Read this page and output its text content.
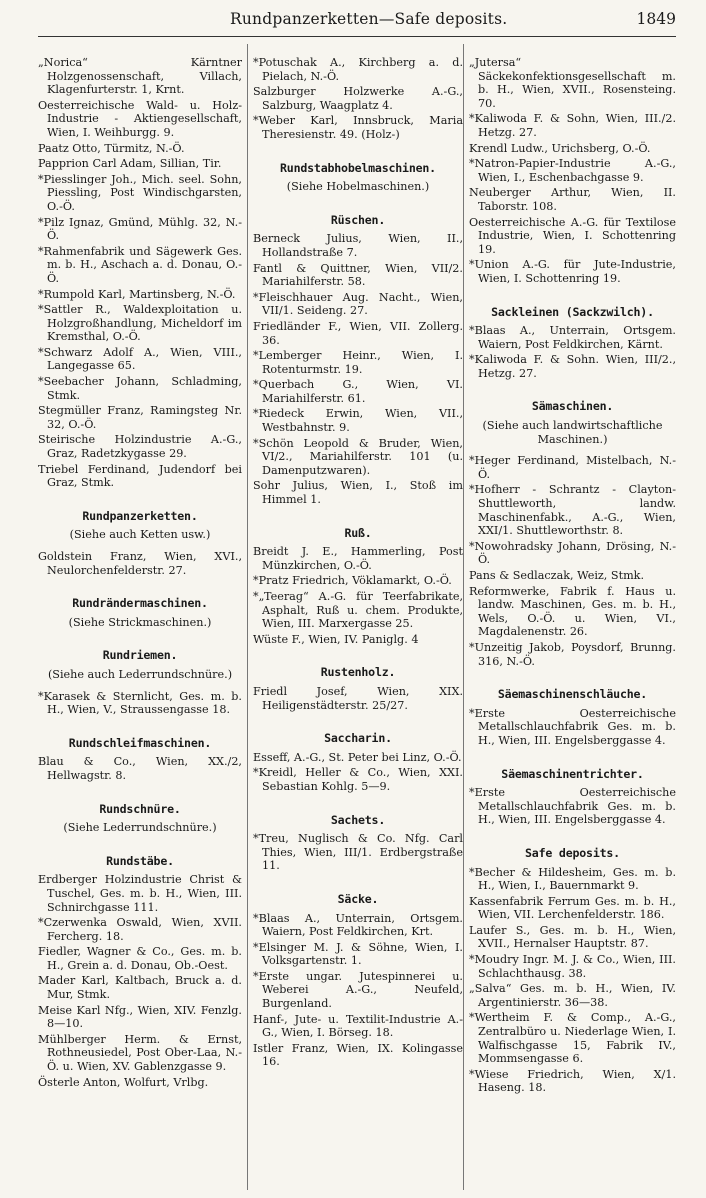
Rundpanzerketten—Safe deposits.	1849
„Norica“ Kärntner Holzgenossenschaft, Villach, Klagenfurterstr. 1, Krnt.
Oesterreichische Wald- u. Holz-Industrie - Aktiengesellschaft, Wien, I. Weihburgg. 9.
Paatz Otto, Türmitz, N.-Ö.
Papprion Carl Adam, Sillian, Tir.
*Piesslinger Joh., Mich. seel. Sohn, Piessling, Post Windischgarsten, O.-Ö.
*Pilz Ignaz, Gmünd, Mühlg. 32, N.-Ö.
*Rahmenfabrik und Sägewerk Ges. m. b. H., Aschach a. d. Donau, O.-Ö.
*Rumpold Karl, Martinsberg, N.-Ö.
*Sattler R., Waldexploitation u. Holzgroßhandlung, Micheldorf im Kremsthal, O.-Ö.
*Schwarz Adolf A., Wien, VIII., Langegasse 65.
*Seebacher Johann, Schladming, Stmk.
Stegmüller Franz, Ramingsteg Nr. 32, O.-Ö.
Steirische Holzindustrie A.-G., Graz, Radetzkygasse 29.
Triebel Ferdinand, Judendorf bei Graz, Stmk.
Rundpanzerketten.
(Siehe auch Ketten usw.)
Goldstein Franz, Wien, XVI., Neulorchenfelderstr. 27.
Rundrändermaschinen.
(Siehe Strickmaschinen.)
Rundriemen.
(Siehe auch Lederrundschnüre.)
*Karasek & Sternlicht, Ges. m. b. H., Wien, V., Straussengasse 18.
Rundschleifmaschinen.
Blau & Co., Wien, XX./2, Hellwagstr. 8.
Rundschnüre.
(Siehe Lederrundschnüre.)
Rundstäbe.
Erdberger Holzindustrie Christ & Tuschel, Ges. m. b. H., Wien, III. Schnirchgasse 111.
*Czerwenka Oswald, Wien, XVII. Fercherg. 18.
Fiedler, Wagner & Co., Ges. m. b. H., Grein a. d. Donau, Ob.-Oest.
Mader Karl, Kaltbach, Bruck a. d. Mur, Stmk.
Meise Karl Nfg., Wien, XIV. Fenzlg. 8—10.
Mühlberger Herm. & Ernst, Rothneusiedel, Post Ober-Laa, N.-Ö. u. Wien, XV. Gablenzgasse 9.
Österle Anton, Wolfurt, Vrlbg.
*Potuschak A., Kirchberg a. d. Pielach, N.-Ö.
Salzburger Holzwerke A.-G., Salzburg, Waagplatz 4.
*Weber Karl, Innsbruck, Maria Theresienstr. 49. (Holz-)
Rundstabhobelmaschinen.
(Siehe Hobelmaschinen.)
Rüschen.
Berneck Julius, Wien, II., Hollandstraße 7.
Fantl & Quittner, Wien, VII/2. Mariahilferstr. 58.
*Fleischhauer Aug. Nacht., Wien, VII/1. Seideng. 27.
Friedländer F., Wien, VII. Zollerg. 36.
*Lemberger Heinr., Wien, I. Rotenturmstr. 19.
*Querbach G., Wien, VI. Mariahilferstr. 61.
*Riedeck Erwin, Wien, VII., Westbahnstr. 9.
*Schön Leopold & Bruder, Wien, VI/2., Mariahilferstr. 101 (u. Damenputzwaren).
Sohr Julius, Wien, I., Stoß im Himmel 1.
Ruß.
Breidt J. E., Hammerling, Post Münzkirchen, O.-Ö.
*Pratz Friedrich, Vöklamarkt, O.-Ö.
*„Teerag“ A.-G. für Teerfabrikate, Asphalt, Ruß u. chem. Produkte, Wien, III. Marxergasse 25.
Wüste F., Wien, IV. Paniglg. 4
Rustenholz.
Friedl Josef, Wien, XIX. Heiligenstädterstr. 25/27.
Saccharin.
Esseff, A.-G., St. Peter bei Linz, O.-Ö.
*Kreidl, Heller & Co., Wien, XXI. Sebastian Kohlg. 5—9.
Sachets.
*Treu, Nuglisch & Co. Nfg. Carl Thies, Wien, III/1. Erdbergstraße 11.
Säcke.
*Blaas A., Unterrain, Ortsgem. Waiern, Post Feldkirchen, Krt.
*Elsinger M. J. & Söhne, Wien, I. Volksgartenstr. 1.
*Erste ungar. Jutespinnerei u. Weberei A.-G., Neufeld, Burgenland.
Hanf-, Jute- u. Textilit-Industrie A.-G., Wien, I. Börseg. 18.
Istler Franz, Wien, IX. Kolingasse 16.
„Jutersa“ Säckekonfektionsgesellschaft m. b. H., Wien, XVII., Rosensteing. 70.
*Kaliwoda F. & Sohn, Wien, III./2. Hetzg. 27.
Krendl Ludw., Urichsberg, O.-Ö.
*Natron-Papier-Industrie A.-G., Wien, I., Eschenbachgasse 9.
Neuberger Arthur, Wien, II. Taborstr. 108.
Oesterreichische A.-G. für Textilose Industrie, Wien, I. Schottenring 19.
*Union A.-G. für Jute-Industrie, Wien, I. Schottenring 19.
Sackleinen (Sackzwilch).
*Blaas A., Unterrain, Ortsgem. Waiern, Post Feldkirchen, Kärnt.
*Kaliwoda F. & Sohn. Wien, III/2., Hetzg. 27.
Sämaschinen.
(Siehe auch landwirtschaftliche Maschinen.)
*Heger Ferdinand, Mistelbach, N.-Ö.
*Hofherr - Schrantz - Clayton-Shuttleworth, landw. Maschinenfabk., A.-G., Wien, XXI/1. Shuttleworthstr. 8.
*Nowohradsky Johann, Drösing, N.-Ö.
Pans & Sedlaczak, Weiz, Stmk.
Reformwerke, Fabrik f. Haus u. landw. Maschinen, Ges. m. b. H., Wels, O.-Ö. u. Wien, VI., Magdalenenstr. 26.
*Unzeitig Jakob, Poysdorf, Brunng. 316, N.-Ö.
Säemaschinenschläuche.
*Erste Oesterreichische Metallschlauchfabrik Ges. m. b. H., Wien, III. Engelsberggasse 4.
Säemaschinentrichter.
*Erste Oesterreichische Metallschlauchfabrik Ges. m. b. H., Wien, III. Engelsberggasse 4.
Safe deposits.
*Becher & Hildesheim, Ges. m. b. H., Wien, I., Bauernmarkt 9.
Kassenfabrik Ferrum Ges. m. b. H., Wien, VII. Lerchenfelderstr. 186.
Laufer S., Ges. m. b. H., Wien, XVII., Hernalser Hauptstr. 87.
*Moudry Ingr. M. J. & Co., Wien, III. Schlachthausg. 38.
„Salva“ Ges. m. b. H., Wien, IV. Argentinierstr. 36—38.
*Wertheim F. & Comp., A.-G., Zentralbüro u. Niederlage Wien, I. Walfischgasse 15, Fabrik IV., Mommsengasse 6.
*Wiese Friedrich, Wien, X/1. Haseng. 18.
